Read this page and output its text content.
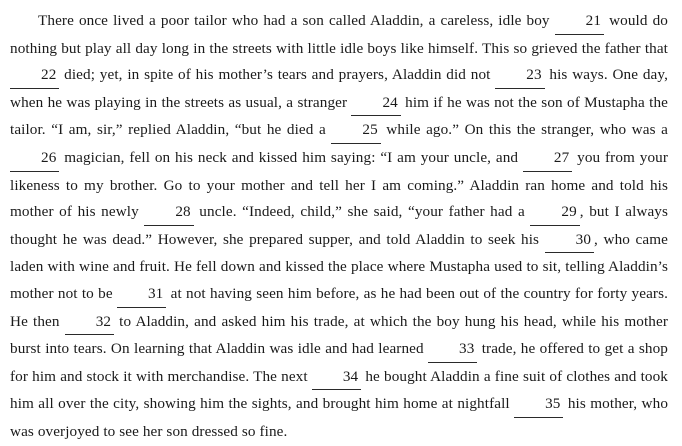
There once lived a poor tailor who had a son called Aladdin, a careless, idle boy 21 would do nothing but play all day long in the streets with little idle boys like himself. This so grieved the father that 22 died; yet, in spite of his mother’s tears and prayers, Aladdin did not 23 his ways. One day, when he was playing in the streets as usual, a stranger 24 him if he was not the son of Mustapha the tailor. “I am, sir,” replied Aladdin, “but he died a 25 while ago.” On this the stranger, who was a 26 magician, fell on his neck and kissed him saying: “I am your uncle, and 27 you from your likeness to my brother. Go to your mother and tell her I am coming.” Aladdin ran home and told his mother of his newly 28 uncle. “Indeed, child,” she said, “your father had a 29 , but I always thought he was dead.” However, she prepared supper, and told Aladdin to seek his 30 , who came laden with wine and fruit. He fell down and kissed the place where Mustapha used to sit, telling Aladdin’s mother not to be 31 at not having seen him before, as he had been out of the country for forty years. He then 32 to Aladdin, and asked him his trade, at which the boy hung his head, while his mother burst into tears. On learning that Aladdin was idle and had learned 33 trade, he offered to get a shop for him and stock it with merchandise. The next 34 he bought Aladdin a fine suit of clothes and took him all over the city, showing him the sights, and brought him home at nightfall 35 his mother, who was overjoyed to see her son dressed so fine.
